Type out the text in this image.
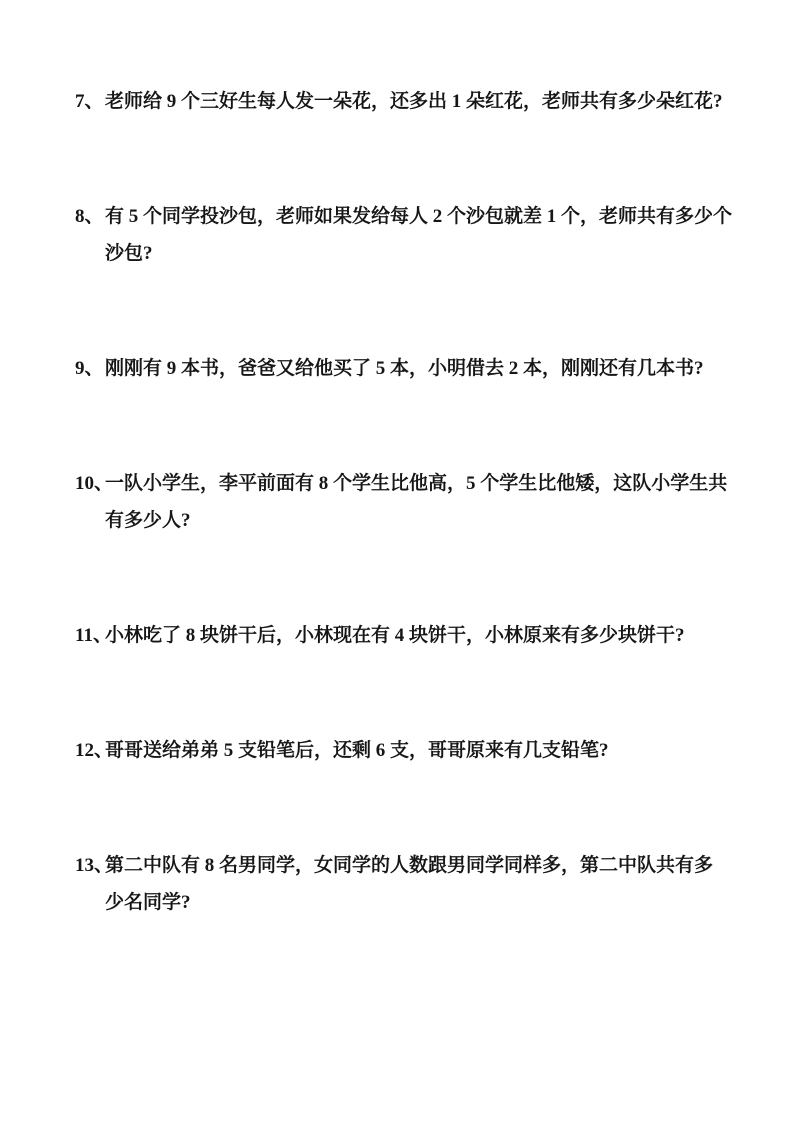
7、 老师给 9 个三好生每人发一朵花，还多出 1 朵红花，老师共有多少朵红花?
8、 有 5 个同学投沙包，老师如果发给每人 2 个沙包就差 1 个，老师共有多少个
沙包?
9、 刚刚有 9 本书，爸爸又给他买了 5 本，小明借去 2 本，刚刚还有几本书?
10、
一队小学生，李平前面有 8 个学生比他高，5 个学生比他矮，这队小学生共
有多少人?
11、
小林吃了 8 块饼干后，小林现在有 4 块饼干，小林原来有多少块饼干?
12、
哥哥送给弟弟 5 支铅笔后，还剩 6 支，哥哥原来有几支铅笔?
13、
第二中队有 8 名男同学，女同学的人数跟男同学同样多，第二中队共有多
少名同学?
